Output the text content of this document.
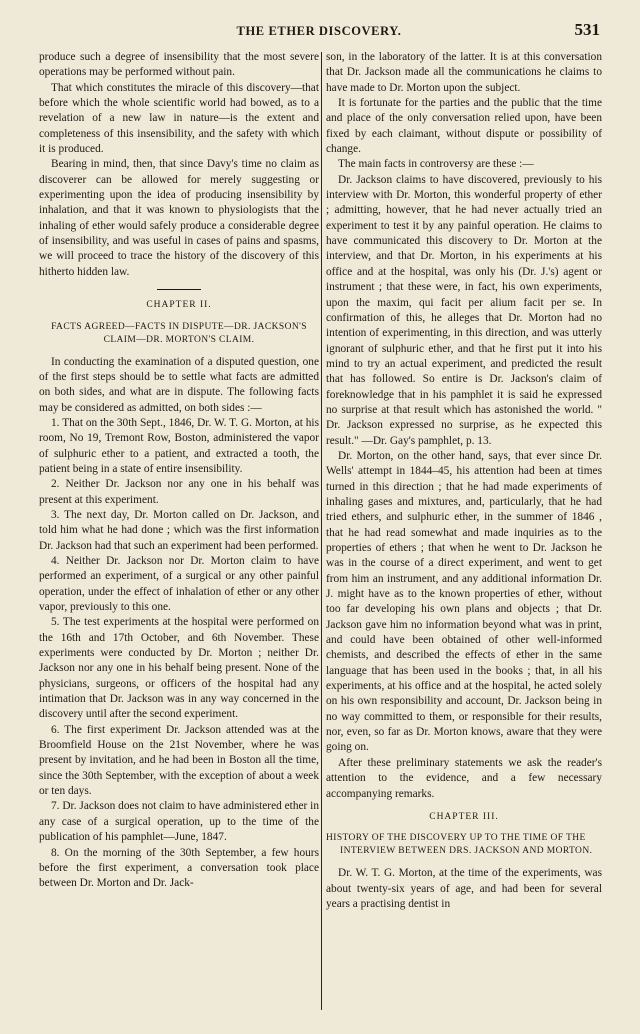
THE ETHER DISCOVERY.	531

produce such a degree of insensibility that the most severe operations may be performed without pain.

That which constitutes the miracle of this discovery—that before which the whole scientific world had bowed, as to a revelation of a new law in nature—is the extent and completeness of this insensibility, and the safety with which it is produced.

Bearing in mind, then, that since Davy's time no claim as discoverer can be allowed for merely suggesting or experimenting upon the idea of producing insensibility by inhalation, and that it was known to physiologists that the inhaling of ether would safely produce a considerable degree of insensibility, and was useful in cases of pains and spasms, we will proceed to trace the history of the discovery of this hitherto hidden law.

CHAPTER II.
FACTS AGREED—FACTS IN DISPUTE—DR. JACKSON'S CLAIM—DR. MORTON'S CLAIM.

In conducting the examination of a disputed question, one of the first steps should be to settle what facts are admitted on both sides, and what are in dispute. The following facts may be considered as admitted, on both sides :—

1. That on the 30th Sept., 1846, Dr. W. T. G. Morton, at his room, No 19, Tremont Row, Boston, administered the vapor of sulphuric ether to a patient, and extracted a tooth, the patient being in a state of entire insensibility.

2. Neither Dr. Jackson nor any one in his behalf was present at this experiment.

3. The next day, Dr. Morton called on Dr. Jackson, and told him what he had done ; which was the first information Dr. Jackson had that such an experiment had been performed.

4. Neither Dr. Jackson nor Dr. Morton claim to have performed an experiment, of a surgical or any other painful operation, under the effect of inhalation of ether or any other vapor, previously to this one.

5. The test experiments at the hospital were performed on the 16th and 17th October, and 6th November. These experiments were conducted by Dr. Morton ; neither Dr. Jackson nor any one in his behalf being present. None of the physicians, surgeons, or officers of the hospital had any intimation that Dr. Jackson was in any way concerned in the discovery until after the second experiment.

6. The first experiment Dr. Jackson attended was at the Broomfield House on the 21st November, where he was present by invitation, and he had been in Boston all the time, since the 30th September, with the exception of about a week or ten days.

7. Dr. Jackson does not claim to have administered ether in any case of a surgical operation, up to the time of the publication of his pamphlet—June, 1847.

8. On the morning of the 30th September, a few hours before the first experiment, a conversation took place between Dr. Morton and Dr. Jack-

son, in the laboratory of the latter. It is at this conversation that Dr. Jackson made all the communications he claims to have made to Dr. Morton upon the subject.

It is fortunate for the parties and the public that the time and place of the only conversation relied upon, have been fixed by each claimant, without dispute or possibility of change.

The main facts in controversy are these :—

Dr. Jackson claims to have discovered, previously to his interview with Dr. Morton, this wonderful property of ether ; admitting, however, that he had never actually tried an experiment to test it by any painful operation. He claims to have communicated this discovery to Dr. Morton at the interview, and that Dr. Morton, in his experiments at his office and at the hospital, was only his (Dr. J.'s) agent or instrument ; that these were, in fact, his own experiments, upon the maxim, qui facit per alium facit per se. In confirmation of this, he alleges that Dr. Morton had no intention of experimenting, in this direction, and was utterly ignorant of sulphuric ether, and that he first put it into his mind to try an actual experiment, and predicted the result that has followed. So entire is Dr. Jackson's claim of foreknowledge that in his pamphlet it is said he expressed no surprise at that result which has astonished the world. " Dr. Jackson expressed no surprise, as he expected this result." —Dr. Gay's pamphlet, p. 13.

Dr. Morton, on the other hand, says, that ever since Dr. Wells' attempt in 1844–45, his attention had been at times turned in this direction ; that he had made experiments of inhaling gases and mixtures, and, particularly, that he had tried ethers, and sulphuric ether, in the summer of 1846 , that he had read somewhat and made inquiries as to the properties of ethers ; that when he went to Dr. Jackson he was in the course of a direct experiment, and went to get from him an instrument, and any additional information Dr. J. might have as to the known properties of ether, without too far developing his own plans and objects ; that Dr. Jackson gave him no information beyond what was in print, and could have been obtained of other well-informed chemists, and described the effects of ether in the same language that has been used in the books ; that, in all his experiments, at his office and at the hospital, he acted solely on his own responsibility and account, Dr. Jackson being in no way committed to them, or responsible for their results, nor, even, so far as Dr. Morton knows, aware that they were going on.

After these preliminary statements we ask the reader's attention to the evidence, and a few necessary accompanying remarks.

CHAPTER III.
HISTORY OF THE DISCOVERY UP TO THE TIME OF THE INTERVIEW BETWEEN DRS. JACKSON AND MORTON.

Dr. W. T. G. Morton, at the time of the experiments, was about twenty-six years of age, and had been for several years a practising dentist in
